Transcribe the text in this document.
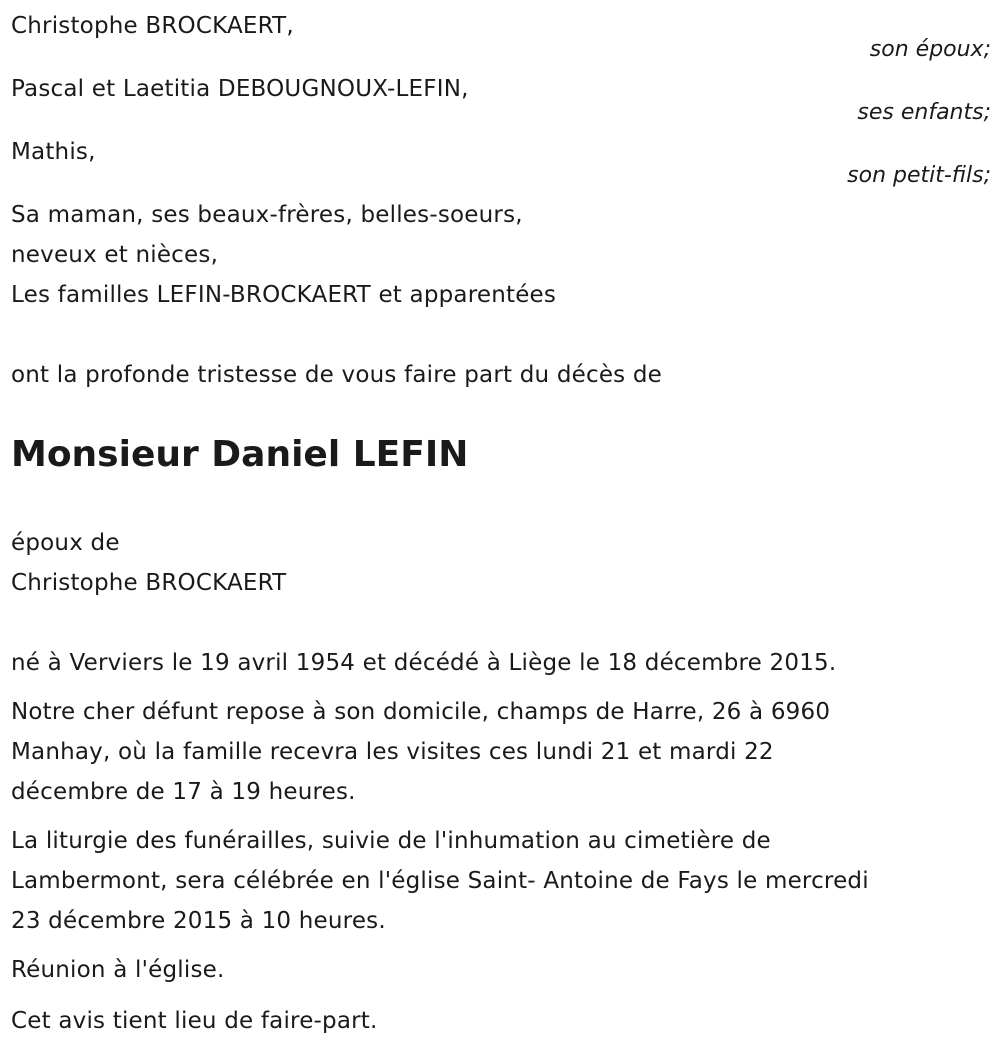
Christophe BROCKAERT,
son époux;
Pascal et Laetitia DEBOUGNOUX-LEFIN,
ses enfants;
Mathis,
son petit-fils;
Sa maman, ses beaux-frères, belles-soeurs,
neveux et nièces,
Les familles LEFIN-BROCKAERT et apparentées
ont la profonde tristesse de vous faire part du décès de
Monsieur Daniel LEFIN
époux de
Christophe BROCKAERT
né à Verviers le 19 avril 1954 et décédé à Liège le 18 décembre 2015.
Notre cher défunt repose à son domicile, champs de Harre, 26 à 6960
Manhay, où la famille recevra les visites ces lundi 21 et mardi 22
décembre de 17 à 19 heures.
La liturgie des funérailles, suivie de l'inhumation au cimetière de
Lambermont, sera célébrée en l'église Saint- Antoine de Fays le mercredi
23 décembre 2015 à 10 heures.
Réunion à l'église.
Cet avis tient lieu de faire-part.
